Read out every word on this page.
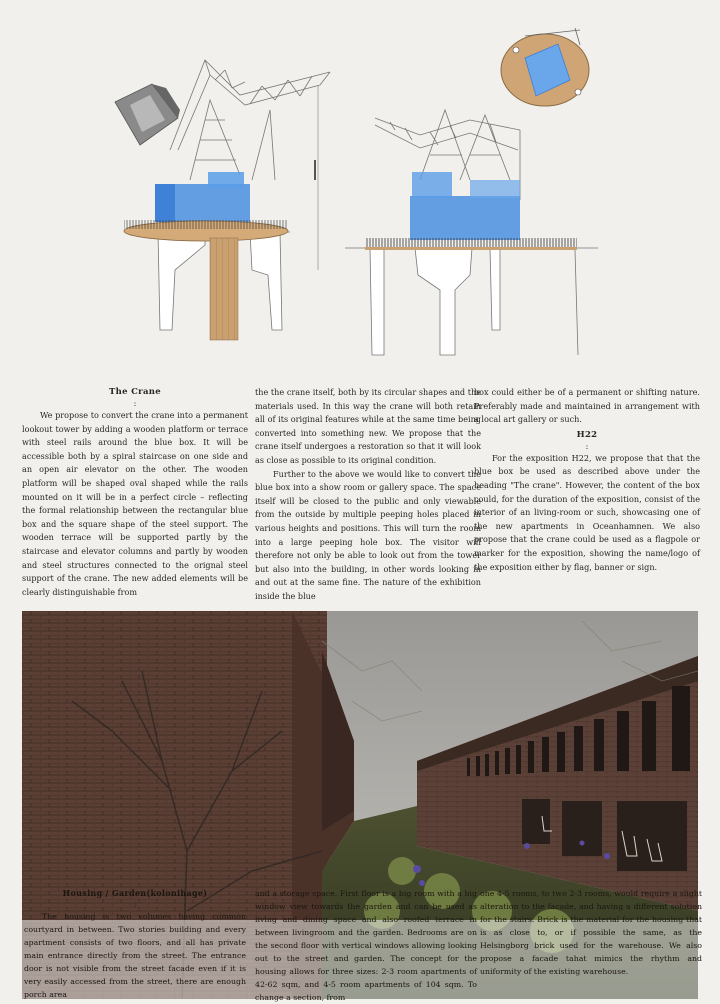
The Crane
:

We propose to convert the crane into a permanent lookout tower by adding a wooden platform or terrace with steel rails around the blue box. It will be accessible both by a spiral staircase on one side and an open air elevator on the other. The wooden platform will be shaped oval shaped while the rails mounted on it will be in a perfect circle – reflecting the formal relationship between the rectangular blue box and the square shape of the steel support. The wooden terrace will be supported partly by the staircase and elevator columns and partly by wooden and steel structures connected to the orignal steel support of the crane. The new added elements will be clearly distinguishable from

the the crane itself, both by its circular shapes and the materials used. In this way the crane will both retain all of its original features while at the same time being converted into something new. We propose that the crane itself undergoes a restoration so that it will look as close as possible to its original condition.

Further to the above we would like to convert the blue box into a show room or gallery space. The space itself will be closed to the public and only viewable from the outside by multiple peeping holes placed in various heights and positions. This will turn the room into a large peeping hole box. The visitor will therefore not only be able to look out from the tower but also into the building, in other words looking in and out at the same fine. The nature of the exhibition inside the blue

box could either be of a permanent or shifting nature. Preferably made and maintained in arrangement with a local art gallery or such.

H22
:

For the exposition H22, we propose that that the blue box be used as described above under the heading "The crane". However, the content of the box could, for the duration of the exposition, consist of the interior of an living-room or such, showcasing one of the new apartments in Oceanhamnen. We also propose that the crane could be used as a flagpole or marker for the exposition, showing the name/logo of the exposition either by flag, banner or sign.

Housing / Garden(kolonihage)
:

The housing is two volumes having common courtyard in between. Two stories building and every apartment consists of two floors, and all has private main entrance directly from the street. The entrance door is not visible from the street facade even if it is very easily accessed from the street, there are enough porch area

and a storage space. First floor is a big room with a big window view towards the garden and can be used as living and dining space and also roofed terrace in between livingroom and the garden. Bedrooms are on the second floor with vertical windows allowing looking out to the street and garden. The concept for the housing allows for three sizes: 2-3 room apartments of 42-62 sqm, and 4-5 room apartments of 104 sqm. To change a section, from

one 4-5 rooms, to two 2-3 rooms, would require a slight alteration to the facade, and having a different solution for the stairs. Brick is the material for the housing that is as close to, or if possible the same, as the Helsingborg brick used for the warehouse. We also propose a facade tahat mimics the rhythm and uniformity of the existing warehouse.
